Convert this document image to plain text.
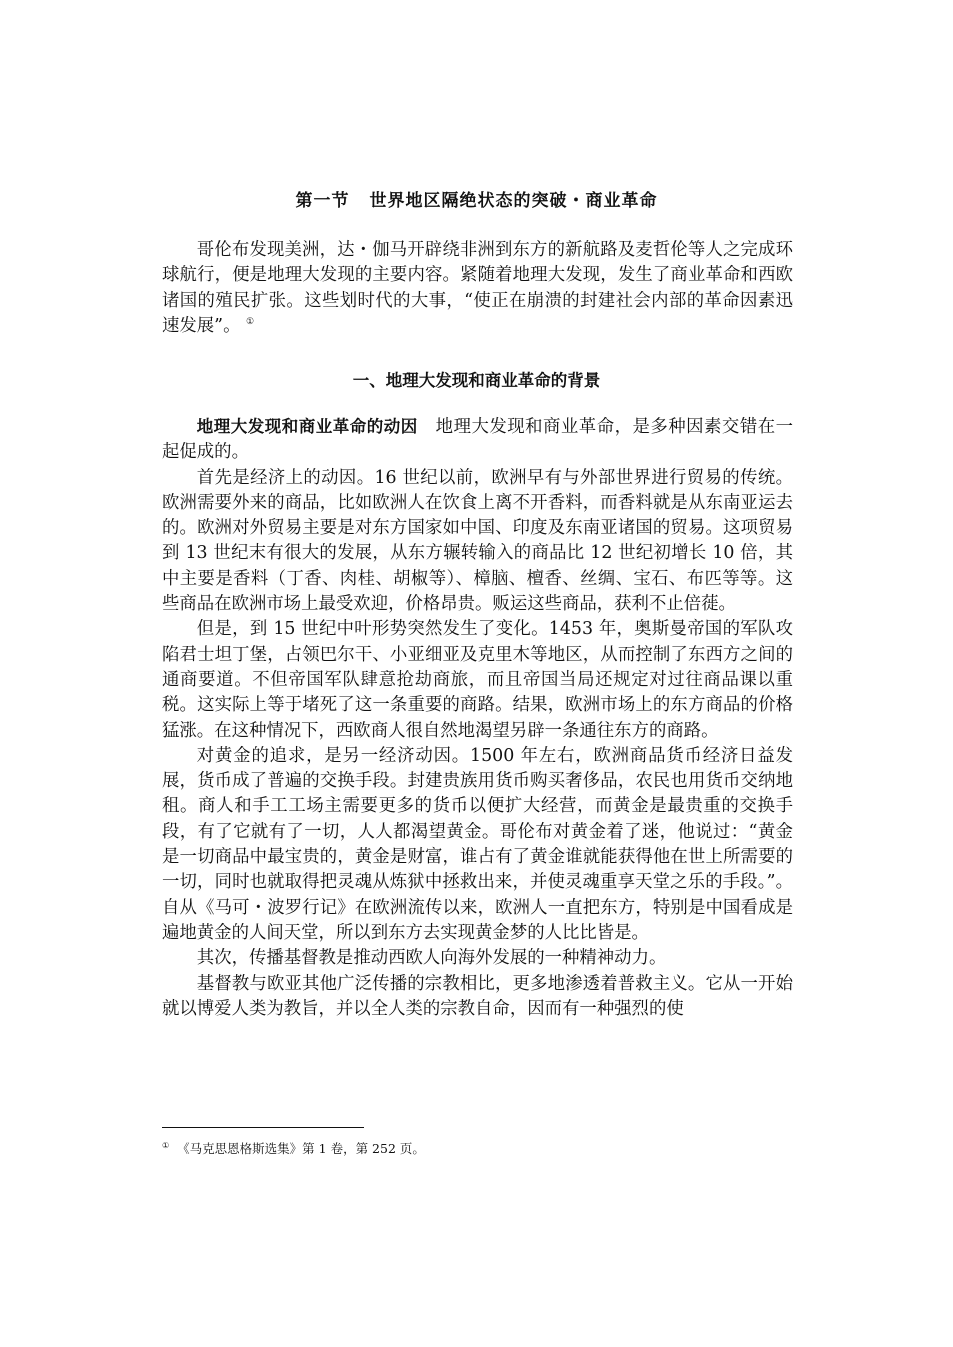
第一节 世界地区隔绝状态的突破・商业革命

哥伦布发现美洲，达・伽马开辟绕非洲到东方的新航路及麦哲伦等人之完成环球航行，便是地理大发现的主要内容。紧随着地理大发现，发生了商业革命和西欧诸国的殖民扩张。这些划时代的大事，“使正在崩溃的封建社会内部的革命因素迅速发展”。 ①

一、地理大发现和商业革命的背景

地理大发现和商业革命的动因 地理大发现和商业革命，是多种因素交错在一起促成的。

首先是经济上的动因。16 世纪以前，欧洲早有与外部世界进行贸易的传统。欧洲需要外来的商品，比如欧洲人在饮食上离不开香料，而香料就是从东南亚运去的。欧洲对外贸易主要是对东方国家如中国、印度及东南亚诸国的贸易。这项贸易到 13 世纪末有很大的发展，从东方辗转输入的商品比 12 世纪初增长 10 倍，其中主要是香料（丁香、肉桂、胡椒等）、樟脑、檀香、丝绸、宝石、布匹等等。这些商品在欧洲市场上最受欢迎，价格昂贵。贩运这些商品，获利不止倍蓰。

但是，到 15 世纪中叶形势突然发生了变化。1453 年，奥斯曼帝国的军队攻陷君士坦丁堡，占领巴尔干、小亚细亚及克里木等地区，从而控制了东西方之间的通商要道。不但帝国军队肆意抢劫商旅，而且帝国当局还规定对过往商品课以重税。这实际上等于堵死了这一条重要的商路。结果，欧洲市场上的东方商品的价格猛涨。在这种情况下，西欧商人很自然地渴望另辟一条通往东方的商路。

对黄金的追求，是另一经济动因。1500 年左右，欧洲商品货币经济日益发展，货币成了普遍的交换手段。封建贵族用货币购买奢侈品，农民也用货币交纳地租。商人和手工工场主需要更多的货币以便扩大经营，而黄金是最贵重的交换手段，有了它就有了一切，人人都渴望黄金。哥伦布对黄金着了迷，他说过：“黄金是一切商品中最宝贵的，黄金是财富，谁占有了黄金谁就能获得他在世上所需要的一切，同时也就取得把灵魂从炼狱中拯救出来，并使灵魂重享天堂之乐的手段。”。自从《马可・波罗行记》在欧洲流传以来，欧洲人一直把东方，特别是中国看成是遍地黄金的人间天堂，所以到东方去实现黄金梦的人比比皆是。

其次，传播基督教是推动西欧人向海外发展的一种精神动力。

基督教与欧亚其他广泛传播的宗教相比，更多地渗透着普救主义。它从一开始就以博爱人类为教旨，并以全人类的宗教自命，因而有一种强烈的使

① 《马克思恩格斯选集》第 1 卷，第 252 页。
